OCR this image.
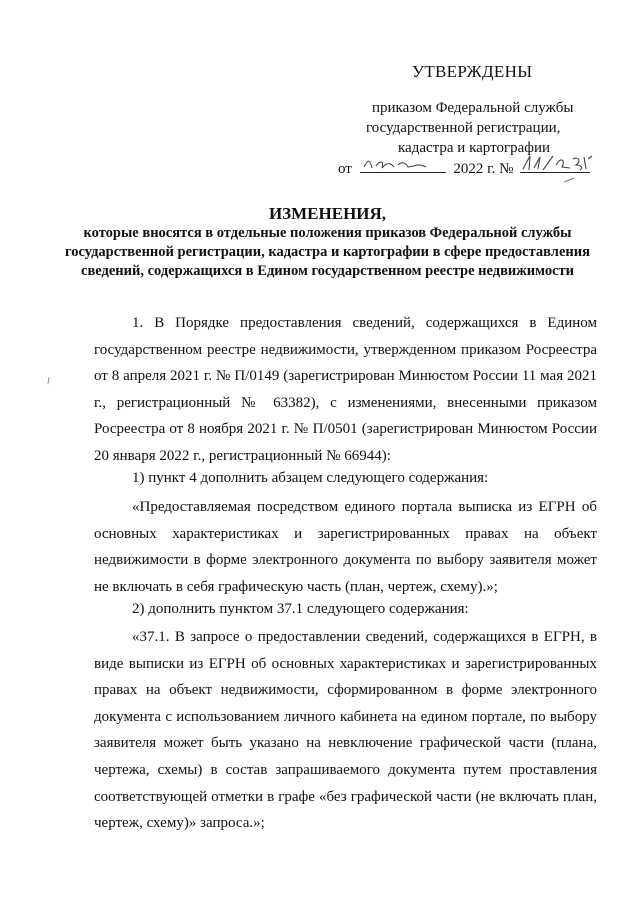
УТВЕРЖДЕНЫ
приказом Федеральной службы
государственной регистрации,
кадастра и картографии
от	2022 г. №
ИЗМЕНЕНИЯ,
которые вносятся в отдельные положения приказов Федеральной службы государственной регистрации, кадастра и картографии в сфере предоставления сведений, содержащихся в Едином государственном реестре недвижимости
1. В Порядке предоставления сведений, содержащихся в Едином государственном реестре недвижимости, утвержденном приказом Росреестра от 8 апреля 2021 г. № П/0149 (зарегистрирован Минюстом России 11 мая 2021 г., регистрационный № 63382), с изменениями, внесенными приказом Росреестра от 8 ноября 2021 г. № П/0501 (зарегистрирован Минюстом России 20 января 2022 г., регистрационный № 66944):
1) пункт 4 дополнить абзацем следующего содержания:
«Предоставляемая посредством единого портала выписка из ЕГРН об основных характеристиках и зарегистрированных правах на объект недвижимости в форме электронного документа по выбору заявителя может не включать в себя графическую часть (план, чертеж, схему).»;
2) дополнить пунктом 37.1 следующего содержания:
«37.1. В запросе о предоставлении сведений, содержащихся в ЕГРН, в виде выписки из ЕГРН об основных характеристиках и зарегистрированных правах на объект недвижимости, сформированном в форме электронного документа с использованием личного кабинета на едином портале, по выбору заявителя может быть указано на невключение графической части (плана, чертежа, схемы) в состав запрашиваемого документа путем проставления соответствующей отметки в графе «без графической части (не включать план, чертеж, схему)» запроса.»;
